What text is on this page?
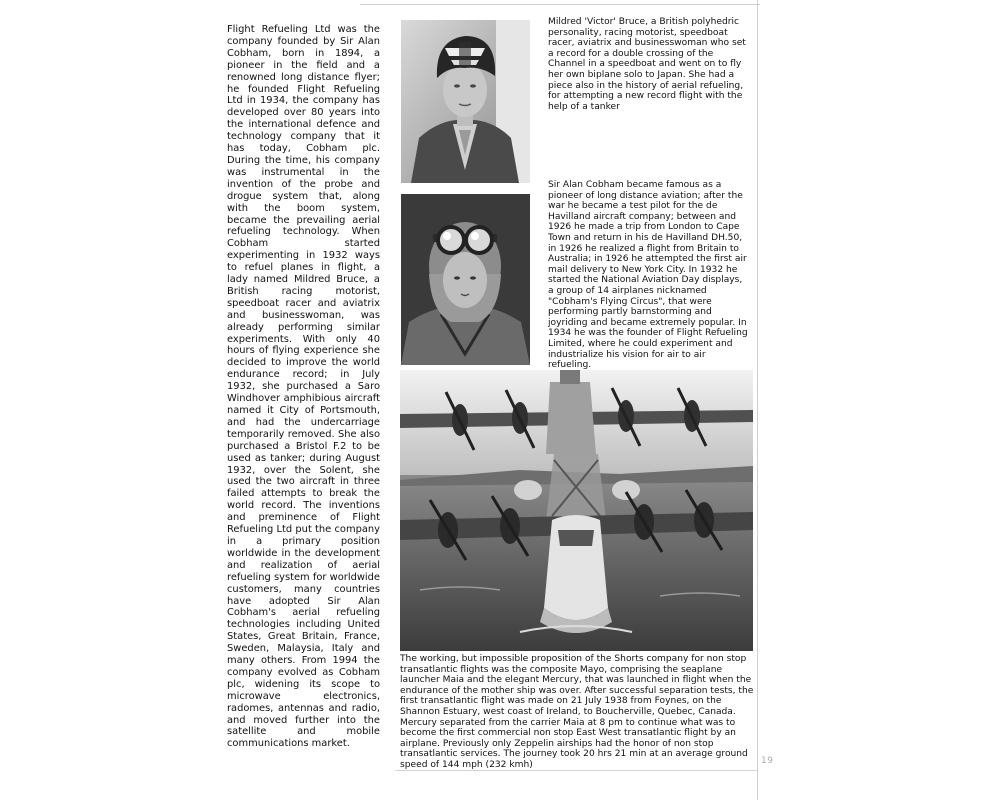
19
Flight Refueling Ltd was the company founded by Sir Alan Cobham, born in 1894, a pioneer in the field and a renowned long distance flyer; he founded Flight Refueling Ltd in 1934, the company has developed over 80 years into the international defence and technology company that it has today, Cobham plc. During the time, his company was instrumental in the invention of the probe and drogue system that, along with the boom system, became the prevailing aerial refueling technology. When Cobham started experimenting in 1932 ways to refuel planes in flight, a lady named Mildred Bruce, a British racing motorist, speedboat racer and aviatrix and businesswoman, was already performing similar experiments. With only 40 hours of flying experience she decided to improve the world endurance record; in July 1932, she purchased a Saro Windhover amphibious aircraft named it City of Portsmouth, and had the undercarriage temporarily removed. She also purchased a Bristol F.2 to be used as tanker; during August 1932, over the Solent, she used the two aircraft in three failed attempts to break the world record. The inventions and preminence of Flight Refueling Ltd put the company in a primary position worldwide in the development and realization of aerial refueling system for worldwide customers, many countries have adopted Sir Alan Cobham's aerial refueling technologies including United States, Great Britain, France, Sweden, Malaysia, Italy and many others. From 1994 the company evolved as Cobham plc, widening its scope to microwave electronics, radomes, antennas and radio, and moved further into the satellite and mobile communications market.
Mildred 'Victor' Bruce, a British polyhedric personality, racing motorist, speedboat racer, aviatrix and businesswoman who set a record for a double crossing of the Channel in a speedboat and went on to fly her own biplane solo to Japan. She had a piece also in the history of aerial refueling, for attempting a new record flight with the help of a tanker
Sir Alan Cobham became famous as a pioneer of long distance aviation; after the war he became a test pilot for the de Havilland aircraft company; between and 1926 he made a trip from London to Cape Town and return in his de Havilland DH.50, in 1926 he realized a flight from Britain to Australia; in 1926 he attempted the first air mail delivery to New York City. In 1932 he started the National Aviation Day displays, a group of 14 airplanes nicknamed "Cobham's Flying Circus", that were performing partly barnstorming and joyriding and became extremely popular. In 1934 he was the founder of Flight Refueling Limited, where he could experiment and industrialize his vision for air to air refueling.
The working, but impossible proposition of the Shorts company for non stop transatlantic flights was the composite Mayo, comprising the seaplane launcher Maia and the elegant Mercury, that was launched in flight when the endurance of the mother ship was over. After successful separation tests, the first transatlantic flight was made on 21 July 1938 from Foynes, on the Shannon Estuary, west coast of Ireland, to Boucherville, Quebec, Canada. Mercury separated from the carrier Maia at 8 pm to continue what was to become the first commercial non stop East West transatlantic flight by an airplane. Previously only Zeppelin airships had the honor of non stop transatlantic services. The journey took 20 hrs 21 min at an average ground speed of 144 mph (232 kmh)
